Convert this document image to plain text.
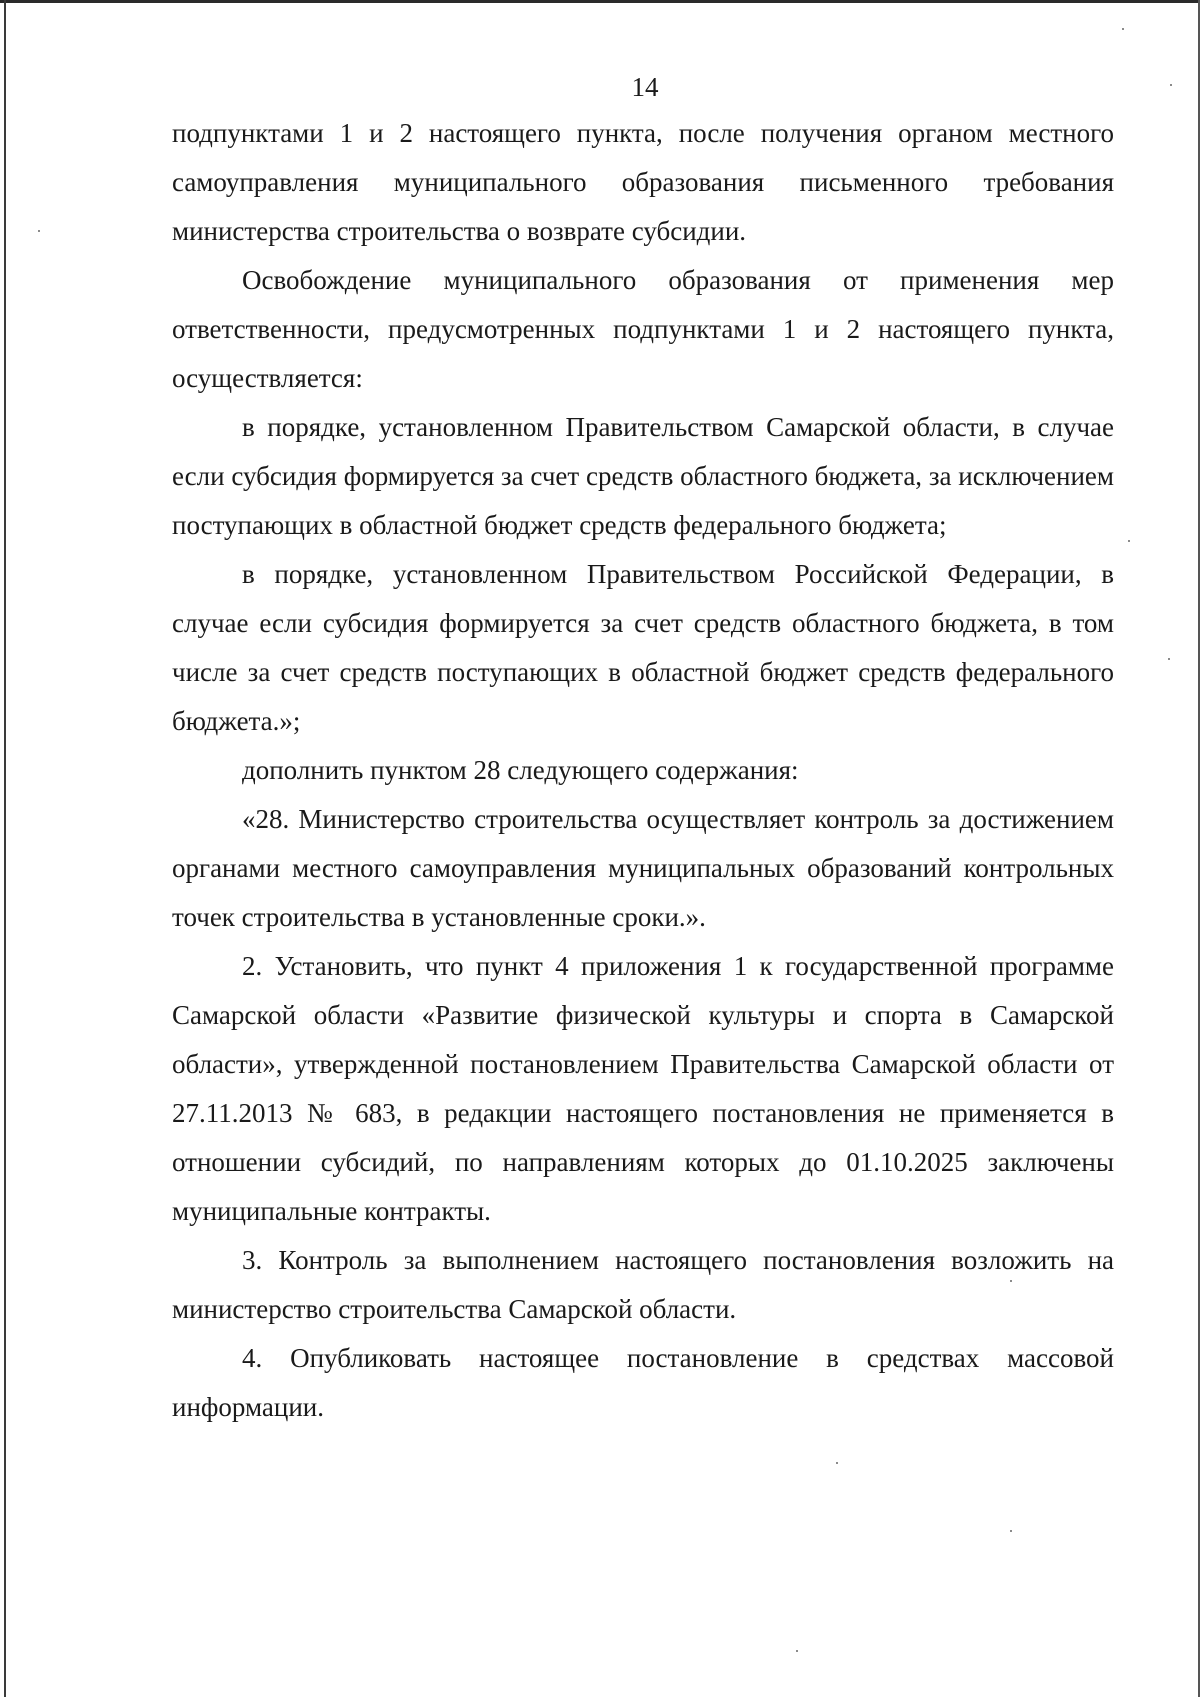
14

подпунктами 1 и 2 настоящего пункта, после получения органом местного самоуправления муниципального образования письменного требования министерства строительства о возврате субсидии.

Освобождение муниципального образования от применения мер ответственности, предусмотренных подпунктами 1 и 2 настоящего пункта, осуществляется:

в порядке, установленном Правительством Самарской области, в случае если субсидия формируется за счет средств областного бюджета, за исключением поступающих в областной бюджет средств федерального бюджета;

в порядке, установленном Правительством Российской Федерации, в случае если субсидия формируется за счет средств областного бюджета, в том числе за счет средств поступающих в областной бюджет средств федерального бюджета.»;

дополнить пунктом 28 следующего содержания:

«28. Министерство строительства осуществляет контроль за достижением органами местного самоуправления муниципальных образований контрольных точек строительства в установленные сроки.».

2. Установить, что пункт 4 приложения 1 к государственной программе Самарской области «Развитие физической культуры и спорта в Самарской области», утвержденной постановлением Правительства Самарской области от 27.11.2013 № 683, в редакции настоящего постановления не применяется в отношении субсидий, по направлениям которых до 01.10.2025 заключены муниципальные контракты.

3. Контроль за выполнением настоящего постановления возложить на министерство строительства Самарской области.

4. Опубликовать настоящее постановление в средствах массовой информации.
